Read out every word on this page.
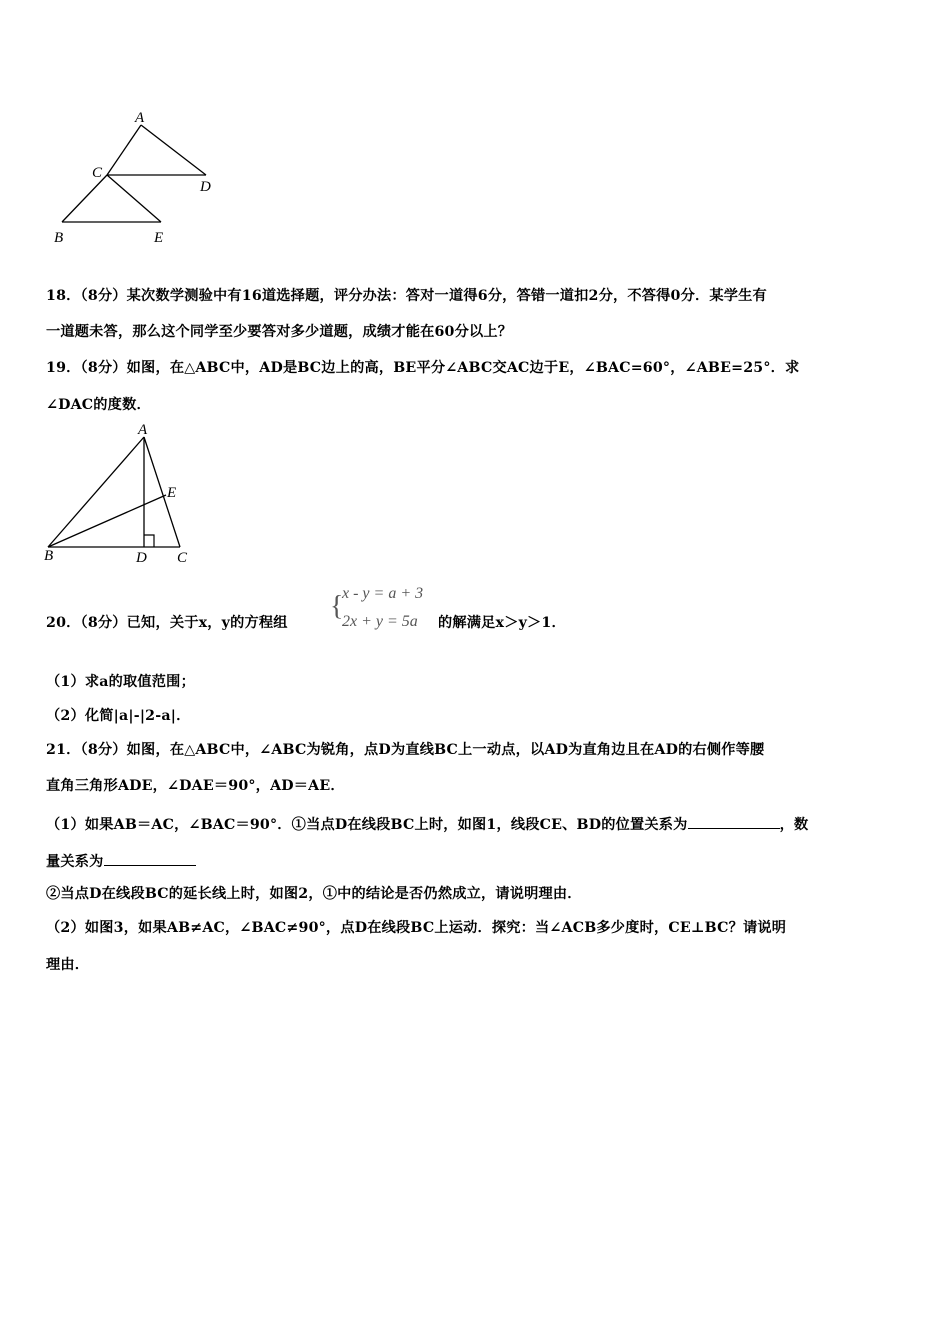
A
C
D
B	E
18．（8分）某次数学测验中有16道选择题，评分办法：答对一道得6分，答错一道扣2分，不答得0分．某学生有
一道题未答，那么这个同学至少要答对多少道题，成绩才能在60分以上？
19．（8分）如图，在△ABC中，AD是BC边上的高，BE平分∠ABC交AC边于E，∠BAC=60°，∠ABE=25°．求
∠DAC的度数．
A
E
B	D C
20．（8分）已知，关于x，y的方程组
{
x - y = a + 3
2x + y = 5a 的解满足x＞y＞1．
（1）求a的取值范围；
（2）化简|a|-|2-a|．
21．（8分）如图，在△ABC中，∠ABC为锐角，点D为直线BC上一动点，以AD为直角边且在AD的右侧作等腰
直角三角形ADE，∠DAE＝90°，AD＝AE．
（1）如果AB＝AC，∠BAC＝90°．①当点D在线段BC上时，如图1，线段CE、BD的位置关系为	，数
量关系为
②当点D在线段BC的延长线上时，如图2，①中的结论是否仍然成立，请说明理由．
（2）如图3，如果AB≠AC，∠BAC≠90°，点D在线段BC上运动．探究：当∠ACB多少度时，CE⊥BC？请说明
理由．
